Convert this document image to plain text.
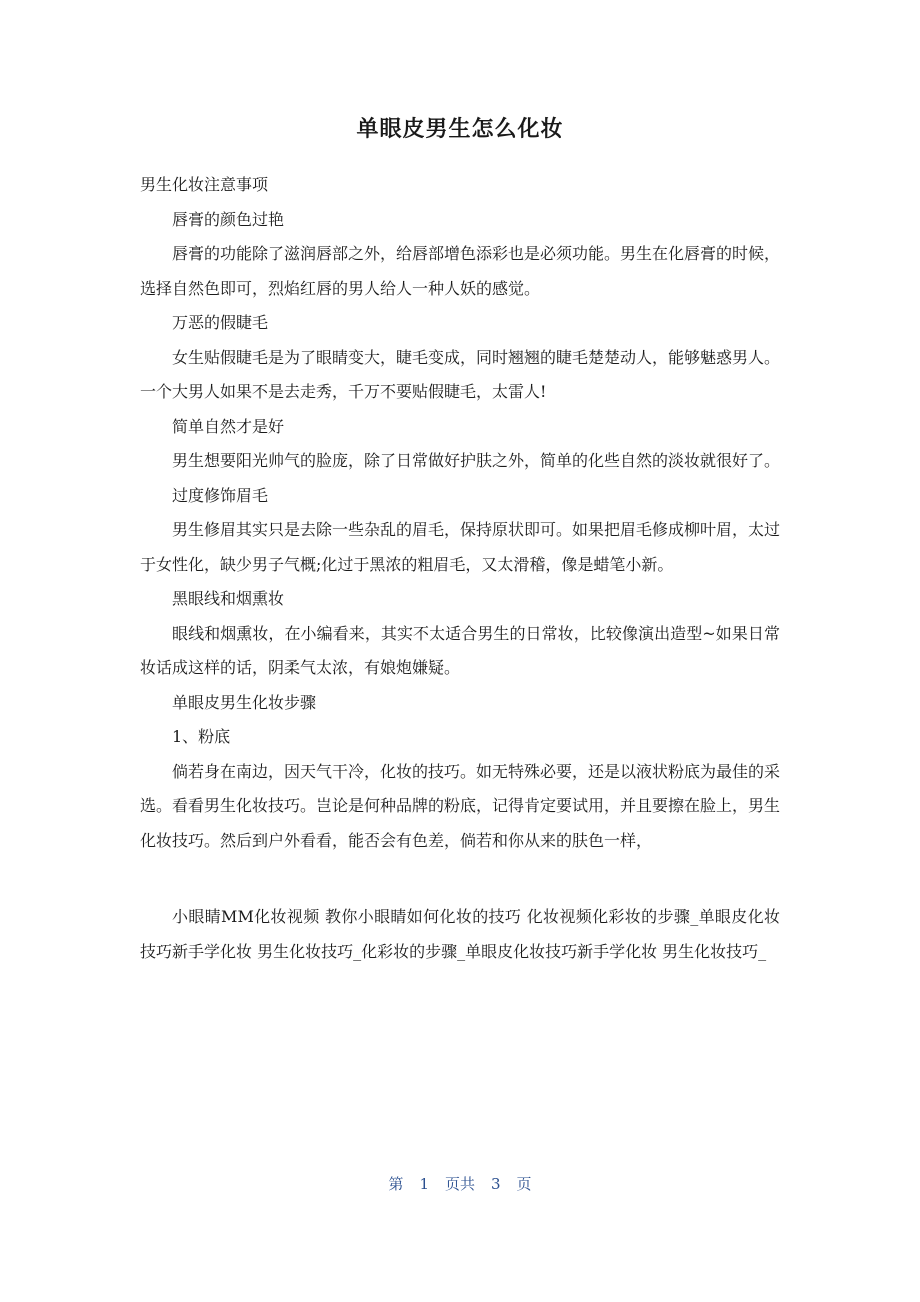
单眼皮男生怎么化妆

男生化妆注意事项

唇膏的颜色过艳

唇膏的功能除了滋润唇部之外，给唇部增色添彩也是必须功能。男生在化唇膏的时候，选择自然色即可，烈焰红唇的男人给人一种人妖的感觉。

万恶的假睫毛

女生贴假睫毛是为了眼睛变大，睫毛变成，同时翘翘的睫毛楚楚动人，能够魅惑男人。一个大男人如果不是去走秀，千万不要贴假睫毛，太雷人!

简单自然才是好

男生想要阳光帅气的脸庞，除了日常做好护肤之外，简单的化些自然的淡妆就很好了。

过度修饰眉毛

男生修眉其实只是去除一些杂乱的眉毛，保持原状即可。如果把眉毛修成柳叶眉，太过于女性化，缺少男子气概;化过于黑浓的粗眉毛，又太滑稽，像是蜡笔小新。

黑眼线和烟熏妆

眼线和烟熏妆，在小编看来，其实不太适合男生的日常妆，比较像演出造型~如果日常妆话成这样的话，阴柔气太浓，有娘炮嫌疑。

单眼皮男生化妆步骤

1、粉底

倘若身在南边，因天气干冷，化妆的技巧。如无特殊必要，还是以液状粉底为最佳的采选。看看男生化妆技巧。岂论是何种品牌的粉底，记得肯定要试用，并且要擦在脸上，男生化妆技巧。然后到户外看看，能否会有色差，倘若和你从来的肤色一样，

小眼睛MM化妆视频 教你小眼睛如何化妆的技巧 化妆视频化彩妆的步骤_单眼皮化妆技巧新手学化妆 男生化妆技巧_化彩妆的步骤_单眼皮化妆技巧新手学化妆 男生化妆技巧_

第 1 页共 3 页
